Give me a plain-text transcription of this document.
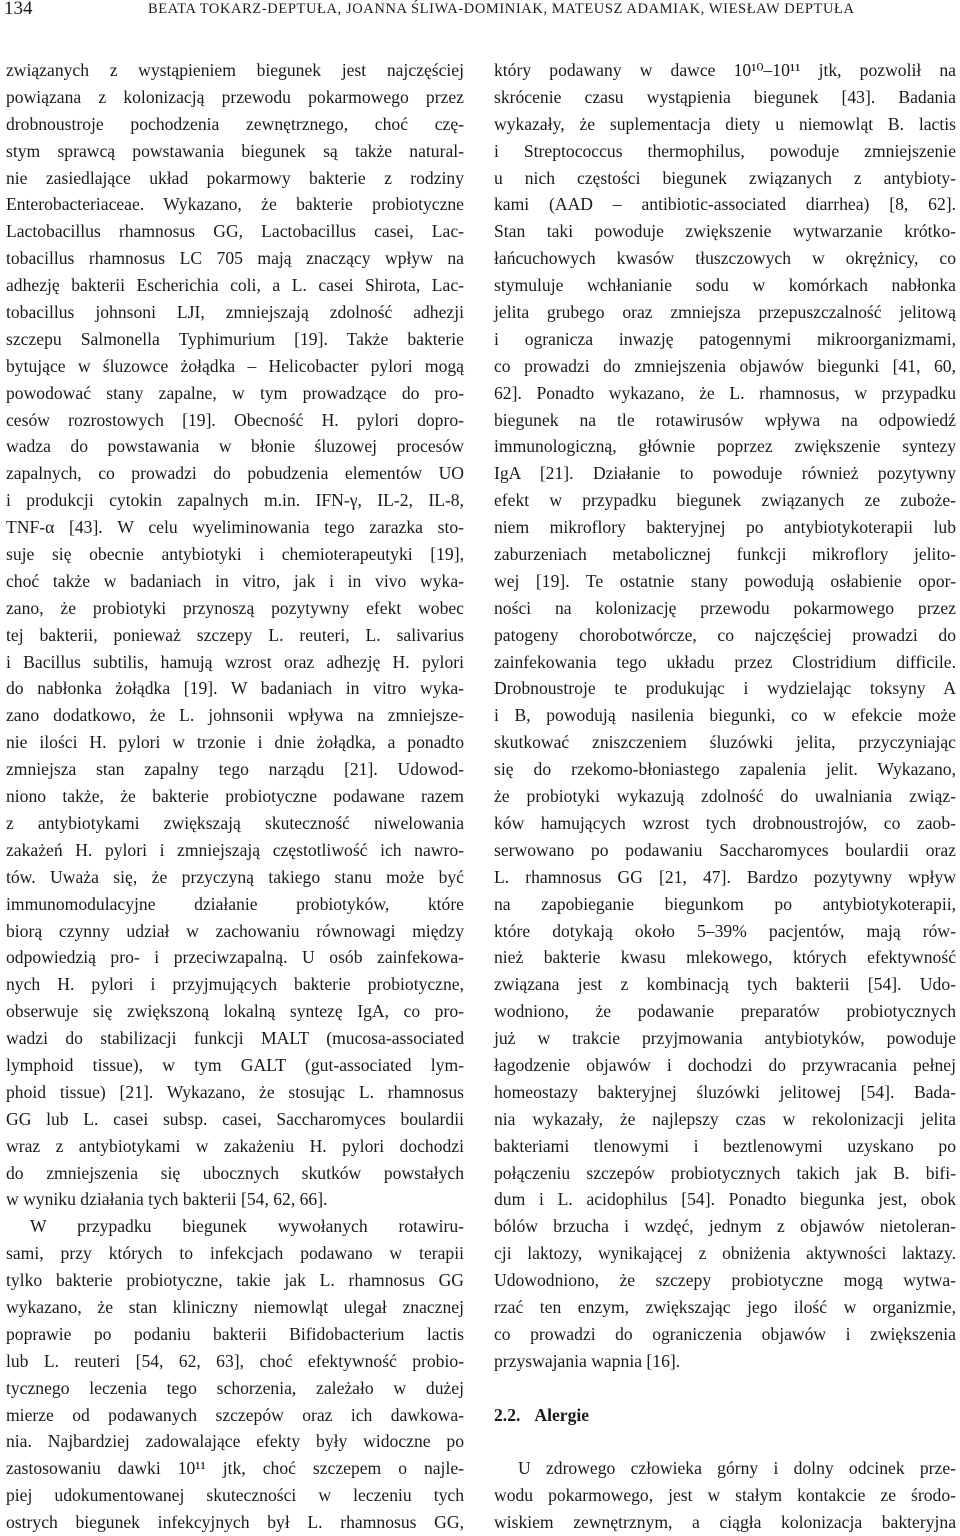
134	BEATA TOKARZ-DEPTUŁA, JOANNA ŚLIWA-DOMINIAK, MATEUSZ ADAMIAK, WIESŁAW DEPTUŁA
związanych z wystąpieniem biegunek jest najczęściej
powiązana z kolonizacją przewodu pokarmowego przez
drobnoustroje pochodzenia zewnętrznego, choć czę-
stym sprawcą powstawania biegunek są także natural-
nie zasiedlające układ pokarmowy bakterie z rodziny
Enterobacteriaceae. Wykazano, że bakterie probiotyczne
Lactobacillus rhamnosus GG, Lactobacillus casei, Lac-
tobacillus rhamnosus LC 705 mają znaczący wpływ na
adhezję bakterii Escherichia coli, a L. casei Shirota, Lac-
tobacillus johnsoni LJI, zmniejszają zdolność adhezji
szczepu Salmonella Typhimurium [19]. Także bakterie
bytujące w śluzowce żołądka – Helicobacter pylori mogą
powodować stany zapalne, w tym prowadzące do pro-
cesów rozrostowych [19]. Obecność H. pylori dopro-
wadza do powstawania w błonie śluzowej procesów
zapalnych, co prowadzi do pobudzenia elementów UO
i produkcji cytokin zapalnych m.in. IFN-γ, IL-2, IL-8,
TNF-α [43]. W celu wyeliminowania tego zarazka sto-
suje się obecnie antybiotyki i chemioterapeutyki [19],
choć także w badaniach in vitro, jak i in vivo wyka-
zano, że probiotyki przynoszą pozytywny efekt wobec
tej bakterii, ponieważ szczepy L. reuteri, L. salivarius
i Bacillus subtilis, hamują wzrost oraz adhezję H. pylori
do nabłonka żołądka [19]. W badaniach in vitro wyka-
zano dodatkowo, że L. johnsonii wpływa na zmniejsze-
nie ilości H. pylori w trzonie i dnie żołądka, a ponadto
zmniejsza stan zapalny tego narządu [21]. Udowod-
niono także, że bakterie probiotyczne podawane razem
z antybiotykami zwiększają skuteczność niwelowania
zakażeń H. pylori i zmniejszają częstotliwość ich nawro-
tów. Uważa się, że przyczyną takiego stanu może być
immunomodulacyjne działanie probiotyków, które
biorą czynny udział w zachowaniu równowagi między
odpowiedzią pro- i przeciwzapalną. U osób zainfekowa-
nych H. pylori i przyjmujących bakterie probiotyczne,
obserwuje się zwiększoną lokalną syntezę IgA, co pro-
wadzi do stabilizacji funkcji MALT (mucosa-associated
lymphoid tissue), w tym GALT (gut-associated lym-
phoid tissue) [21]. Wykazano, że stosując L. rhamnosus
GG lub L. casei subsp. casei, Saccharomyces boulardii
wraz z antybiotykami w zakażeniu H. pylori dochodzi
do zmniejszenia się ubocznych skutków powstałych
w wyniku działania tych bakterii [54, 62, 66].
W przypadku biegunek wywołanych rotawiru-
sami, przy których to infekcjach podawano w terapii
tylko bakterie probiotyczne, takie jak L. rhamnosus GG
wykazano, że stan kliniczny niemowląt ulegał znacznej
poprawie po podaniu bakterii Bifidobacterium lactis
lub L. reuteri [54, 62, 63], choć efektywność probio-
tycznego leczenia tego schorzenia, zależało w dużej
mierze od podawanych szczepów oraz ich dawkowa-
nia. Najbardziej zadowalające efekty były widoczne po
zastosowaniu dawki 10¹¹ jtk, choć szczepem o najle-
piej udokumentowanej skuteczności w leczeniu tych
ostrych biegunek infekcyjnych był L. rhamnosus GG,
który podawany w dawce 10¹⁰–10¹¹ jtk, pozwolił na
skrócenie czasu wystąpienia biegunek [43]. Badania
wykazały, że suplementacja diety u niemowląt B. lactis
i Streptococcus thermophilus, powoduje zmniejszenie
u nich częstości biegunek związanych z antybioty-
kami (AAD – antibiotic-associated diarrhea) [8, 62].
Stan taki powoduje zwiększenie wytwarzanie krótko-
łańcuchowych kwasów tłuszczowych w okrężnicy, co
stymuluje wchłanianie sodu w komórkach nabłonka
jelita grubego oraz zmniejsza przepuszczalność jelitową
i ogranicza inwazję patogennymi mikroorganizmami,
co prowadzi do zmniejszenia objawów biegunki [41, 60,
62]. Ponadto wykazano, że L. rhamnosus, w przypadku
biegunek na tle rotawirusów wpływa na odpowiedź
immunologiczną, głównie poprzez zwiększenie syntezy
IgA [21]. Działanie to powoduje również pozytywny
efekt w przypadku biegunek związanych ze zuboże-
niem mikroflory bakteryjnej po antybiotykoterapii lub
zaburzeniach metabolicznej funkcji mikroflory jelito-
wej [19]. Te ostatnie stany powodują osłabienie opor-
ności na kolonizację przewodu pokarmowego przez
patogeny chorobotwórcze, co najczęściej prowadzi do
zainfekowania tego układu przez Clostridium difficile.
Drobnoustroje te produkując i wydzielając toksyny A
i B, powodują nasilenia biegunki, co w efekcie może
skutkować zniszczeniem śluzówki jelita, przyczyniając
się do rzekomo-błoniastego zapalenia jelit. Wykazano,
że probiotyki wykazują zdolność do uwalniania związ-
ków hamujących wzrost tych drobnoustrojów, co zaob-
serwowano po podawaniu Saccharomyces boulardii oraz
L. rhamnosus GG [21, 47]. Bardzo pozytywny wpływ
na zapobieganie biegunkom po antybiotykoterapii,
które dotykają około 5–39% pacjentów, mają rów-
nież bakterie kwasu mlekowego, których efektywność
związana jest z kombinacją tych bakterii [54]. Udo-
wodniono, że podawanie preparatów probiotycznych
już w trakcie przyjmowania antybiotyków, powoduje
łagodzenie objawów i dochodzi do przywracania pełnej
homeostazy bakteryjnej śluzówki jelitowej [54]. Bada-
nia wykazały, że najlepszy czas w rekolonizacji jelita
bakteriami tlenowymi i beztlenowymi uzyskano po
połączeniu szczepów probiotycznych takich jak B. bifi-
dum i L. acidophilus [54]. Ponadto biegunka jest, obok
bólów brzucha i wzdęć, jednym z objawów nietoleran-
cji laktozy, wynikającej z obniżenia aktywności laktazy.
Udowodniono, że szczepy probiotyczne mogą wytwa-
rzać ten enzym, zwiększając jego ilość w organizmie,
co prowadzi do ograniczenia objawów i zwiększenia
przyswajania wapnia [16].
2.2. Alergie
U zdrowego człowieka górny i dolny odcinek prze-
wodu pokarmowego, jest w stałym kontakcie ze środo-
wiskiem zewnętrznym, a ciągła kolonizacja bakteryjna
